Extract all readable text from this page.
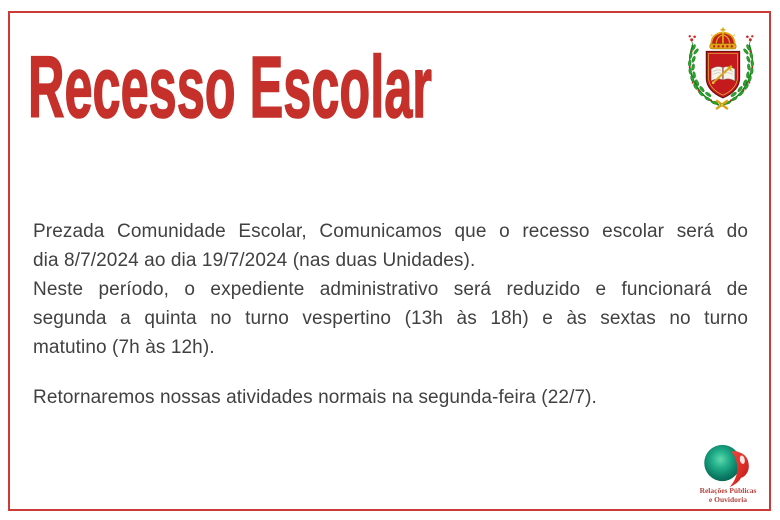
Recesso Escolar
Prezada Comunidade Escolar, Comunicamos que o recesso escolar será do
dia 8/7/2024 ao dia 19/7/2024 (nas duas Unidades).
Neste período, o expediente administrativo será reduzido e funcionará de
segunda a quinta no turno vespertino (13h às 18h) e às sextas no turno
matutino (7h às 12h).

Retornaremos nossas atividades normais na segunda-feira (22/7).
Relações Públicas
e Ouvidoria
